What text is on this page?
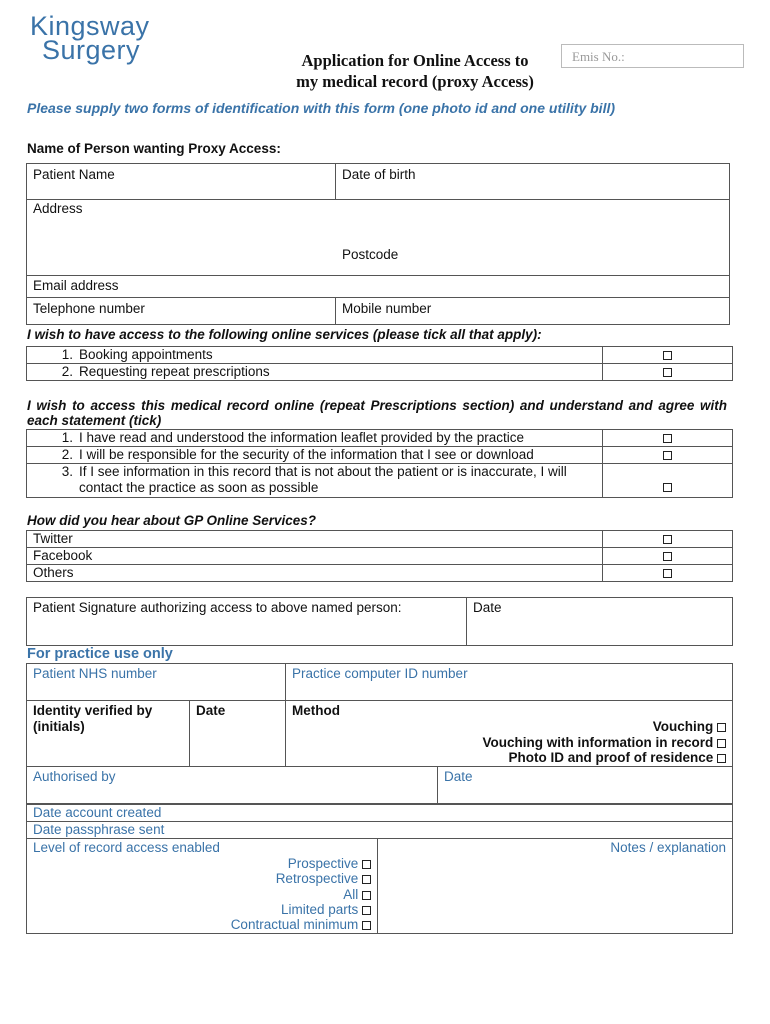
Kingsway
Surgery	Application for Online Access to
my medical record (proxy Access)
Emis No.:
Please supply two forms of identification with this form (one photo id and one utility bill)
Name of Person wanting Proxy Access:
Patient Name	Date of birth

Address
Postcode	

Email address	

Telephone number	Mobile number
I wish to have access to the following online services (please tick all that apply):
1. Booking appointments	
2. Requesting repeat prescriptions	
I wish to access this medical record online (repeat Prescriptions section) and understand and agree with each statement (tick)
1. I have read and understood the information leaflet provided by the practice	
2. I will be responsible for the security of the information that I see or download	

3. If I see information in this record that is not about the patient or is inaccurate, I will contact the practice as soon as possible	

How did you hear about GP Online Services?
Twitter	
Facebook	
Others	
Patient Signature authorizing access to above named person:	Date
For practice use only
Patient NHS number	Practice computer ID number
Identity verified by (initials)

Date	Method
Vouching
Vouching with information in record
Photo ID and proof of residence
Authorised by	Date
Date account created
Date passphrase sent
Level of record access enabled
Prospective
Retrospective
All
Limited parts
Contractual minimum

Notes / explanation
